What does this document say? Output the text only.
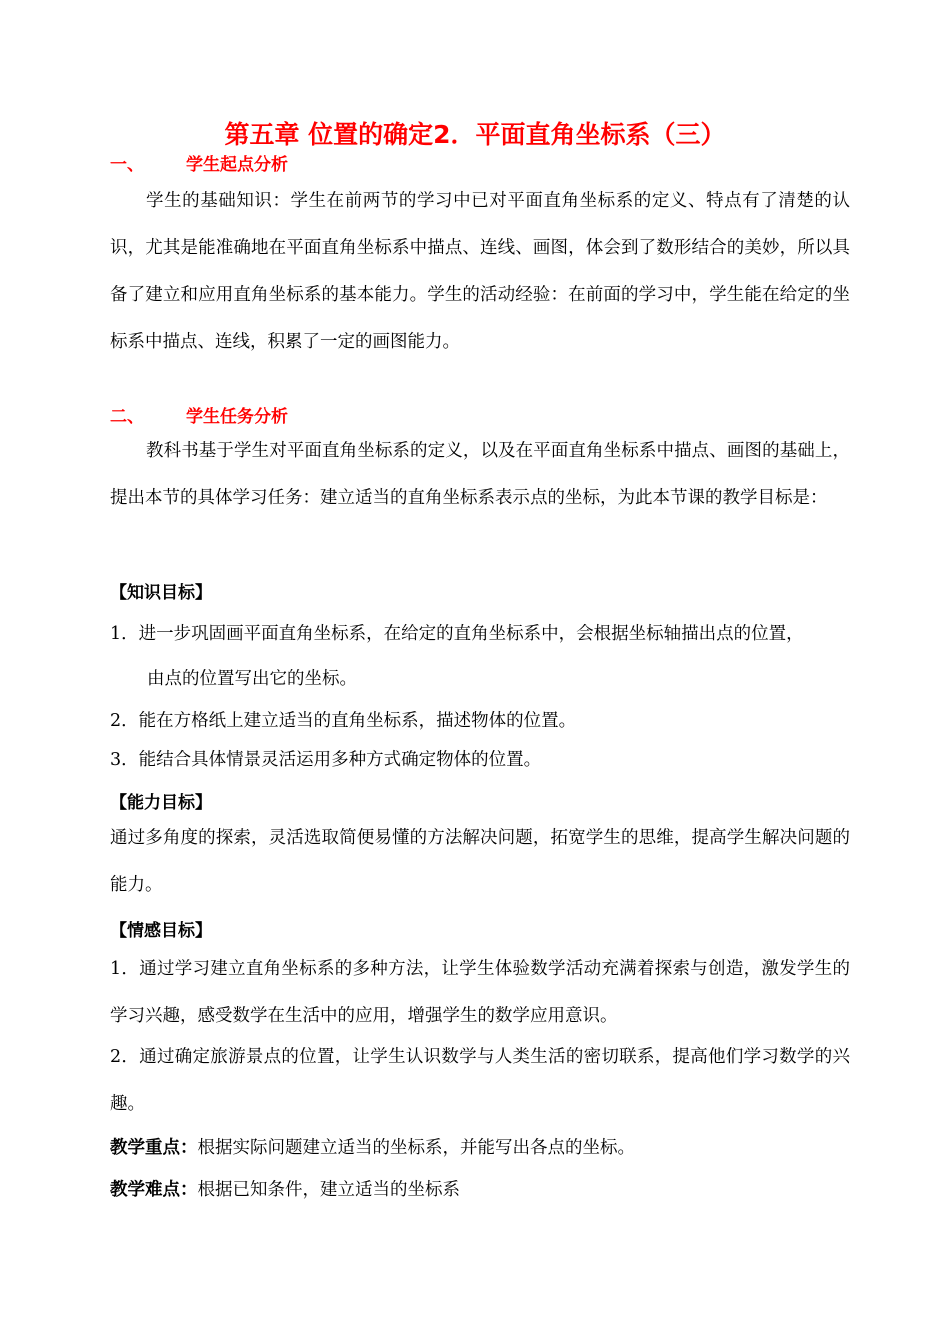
第五章 位置的确定2．平面直角坐标系（三）
一、 学生起点分析
学生的基础知识：学生在前两节的学习中已对平面直角坐标系的定义、特点有了清楚的认识，尤其是能准确地在平面直角坐标系中描点、连线、画图，体会到了数形结合的美妙，所以具备了建立和应用直角坐标系的基本能力。学生的活动经验：在前面的学习中，学生能在给定的坐标系中描点、连线，积累了一定的画图能力。
二、 学生任务分析
教科书基于学生对平面直角坐标系的定义，以及在平面直角坐标系中描点、画图的基础上，提出本节的具体学习任务：建立适当的直角坐标系表示点的坐标，为此本节课的教学目标是：
【知识目标】
1．进一步巩固画平面直角坐标系，在给定的直角坐标系中，会根据坐标轴描出点的位置，
由点的位置写出它的坐标。
2．能在方格纸上建立适当的直角坐标系，描述物体的位置。
3．能结合具体情景灵活运用多种方式确定物体的位置。
【能力目标】
通过多角度的探索，灵活选取简便易懂的方法解决问题，拓宽学生的思维，提高学生解决问题的能力。
【情感目标】
1．通过学习建立直角坐标系的多种方法，让学生体验数学活动充满着探索与创造，激发学生的学习兴趣，感受数学在生活中的应用，增强学生的数学应用意识。
2．通过确定旅游景点的位置，让学生认识数学与人类生活的密切联系，提高他们学习数学的兴趣。
教学重点：根据实际问题建立适当的坐标系，并能写出各点的坐标。
教学难点：根据已知条件，建立适当的坐标系
